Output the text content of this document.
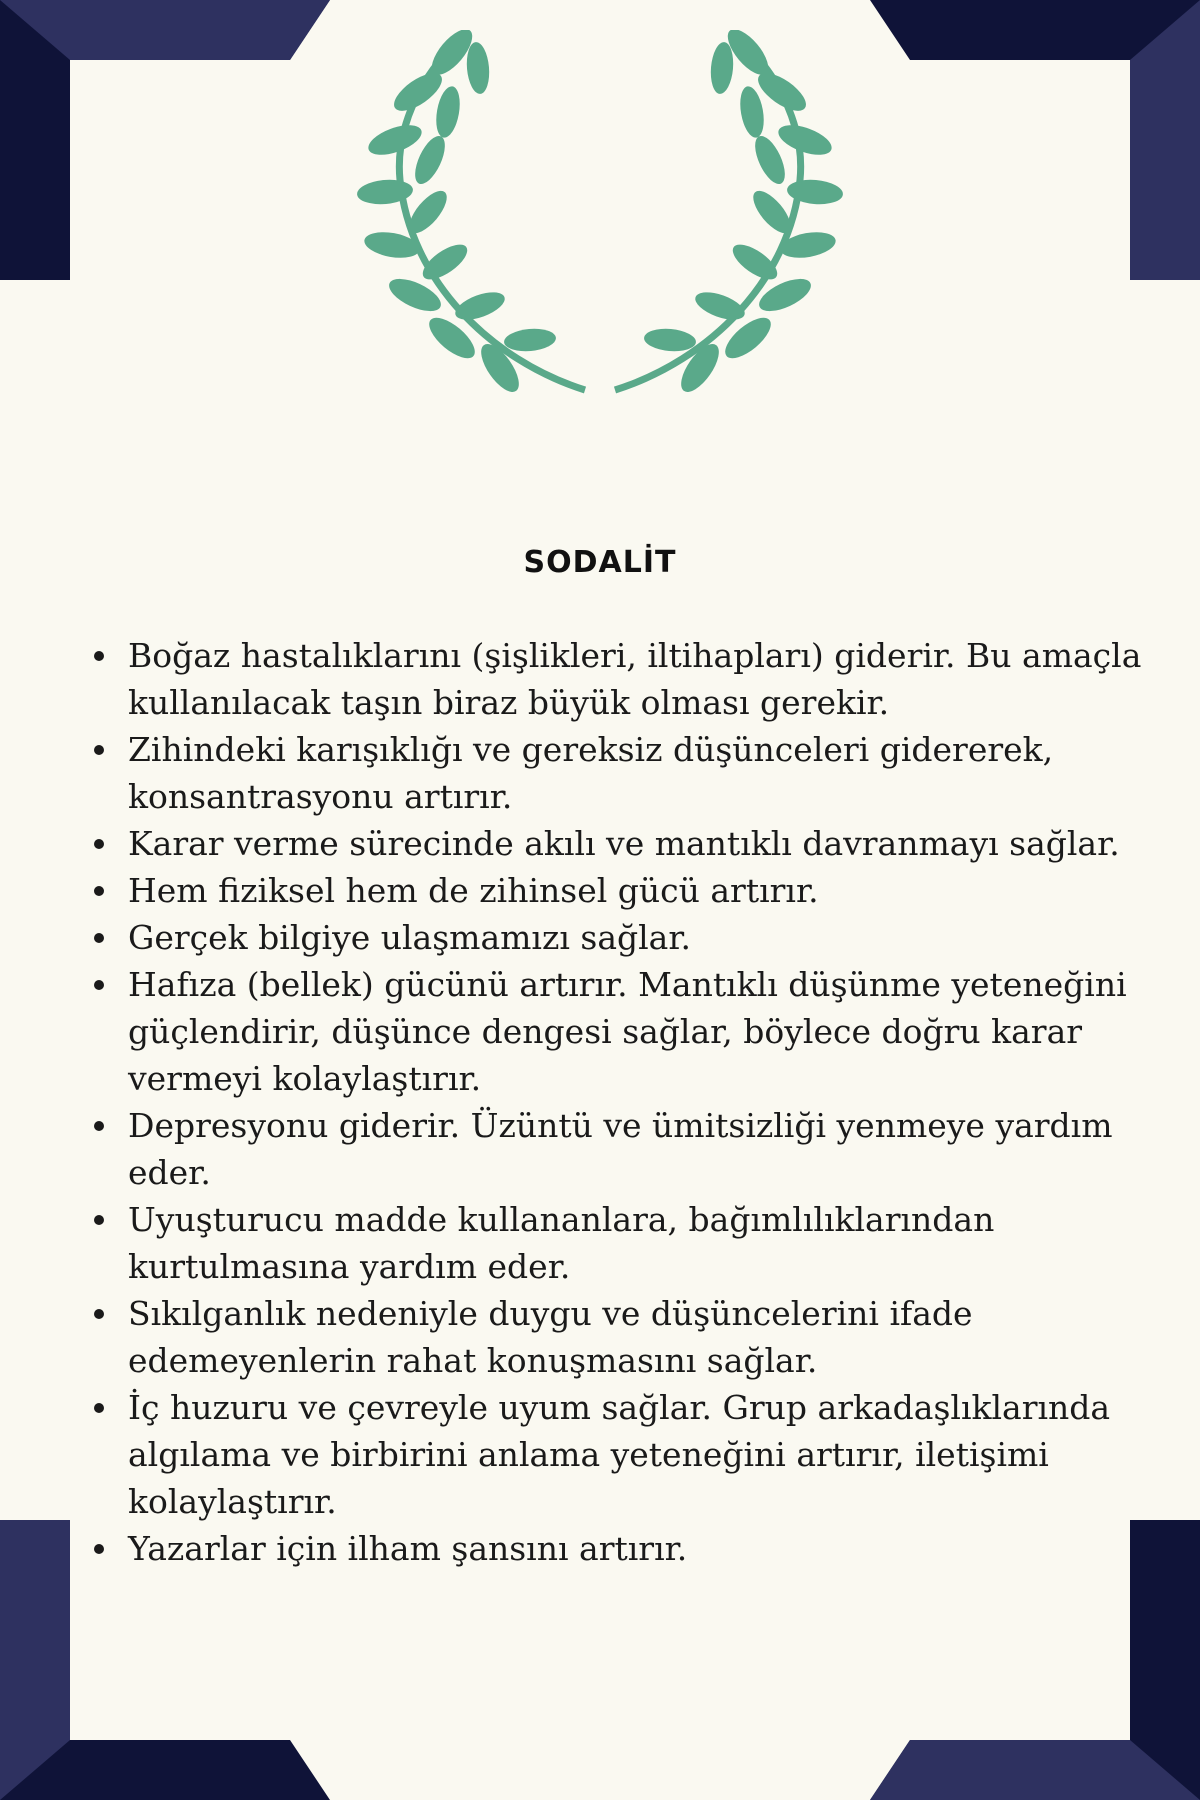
SODALİT
Boğaz hastalıklarını (şişlikleri, iltihapları) giderir. Bu amaçla kullanılacak taşın biraz büyük olması gerekir.
Zihindeki karışıklığı ve gereksiz düşünceleri gidererek, konsantrasyonu artırır.
Karar verme sürecinde akılı ve mantıklı davranmayı sağlar.
Hem fiziksel hem de zihinsel gücü artırır.
Gerçek bilgiye ulaşmamızı sağlar.
Hafıza (bellek) gücünü artırır. Mantıklı düşünme yeteneğini güçlendirir, düşünce dengesi sağlar, böylece doğru karar vermeyi kolaylaştırır.
Depresyonu giderir. Üzüntü ve ümitsizliği yenmeye yardım eder.
Uyuşturucu madde kullananlara, bağımlılıklarından kurtulmasına yardım eder.
Sıkılganlık nedeniyle duygu ve düşüncelerini ifade edemeyenlerin rahat konuşmasını sağlar.
İç huzuru ve çevreyle uyum sağlar. Grup arkadaşlıklarında algılama ve birbirini anlama yeteneğini artırır, iletişimi kolaylaştırır.
Yazarlar için ilham şansını artırır.
